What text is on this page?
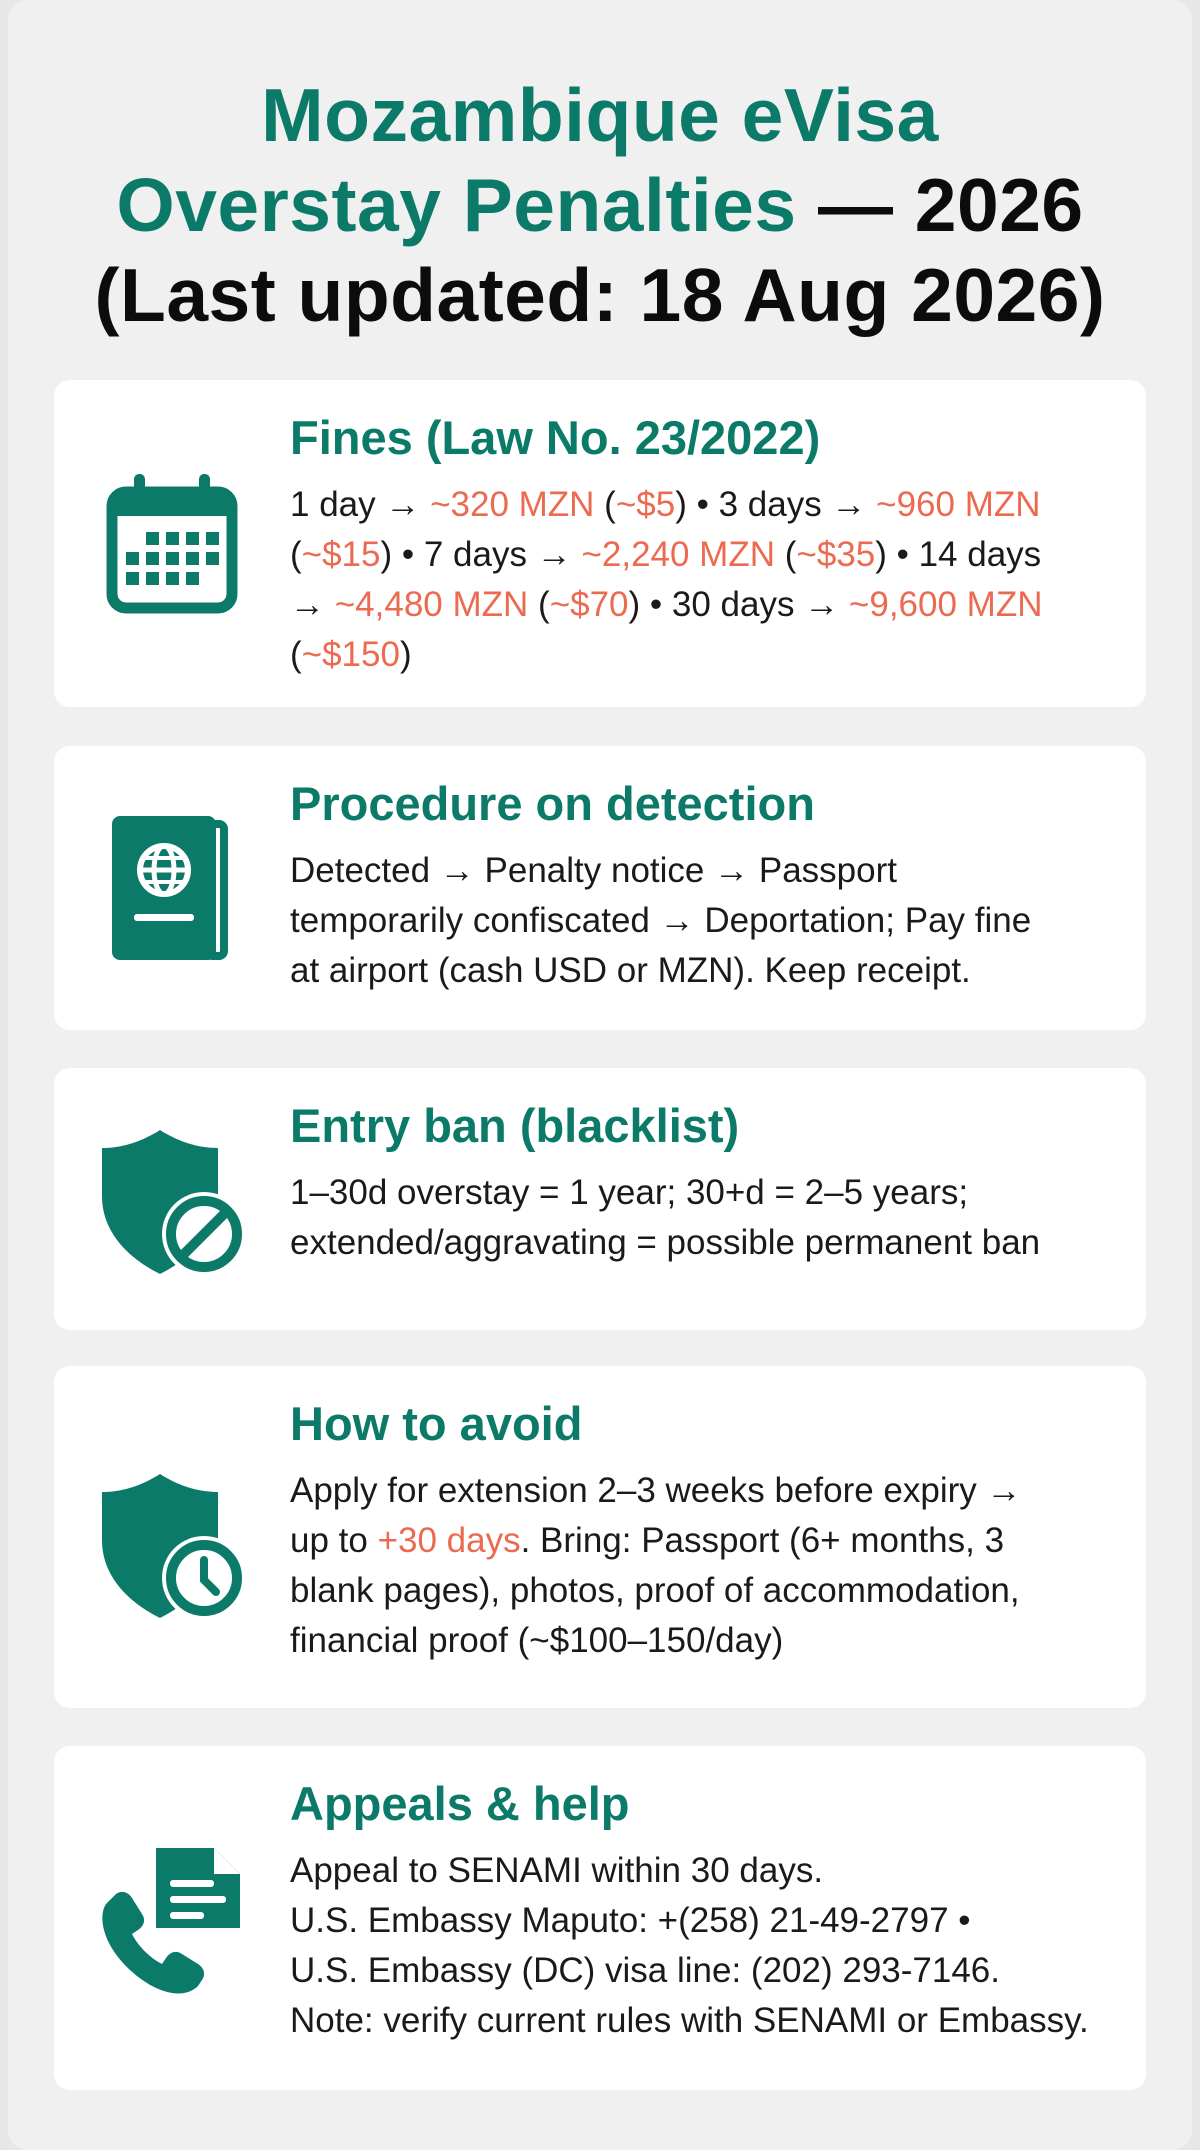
Mozambique eVisa
Overstay Penalties — 2026
(Last updated: 18 Aug 2026)
Fines (Law No. 23/2022)
1 day → ~320 MZN (~$5) • 3 days → ~960 MZN
(~$15) • 7 days → ~2,240 MZN (~$35) • 14 days
→ ~4,480 MZN (~$70) • 30 days → ~9,600 MZN
(~$150)
Procedure on detection
Detected → Penalty notice → Passport
temporarily confiscated → Deportation; Pay fine
at airport (cash USD or MZN). Keep receipt.
Entry ban (blacklist)
1–30d overstay = 1 year; 30+d = 2–5 years;
extended/aggravating = possible permanent ban
How to avoid
Apply for extension 2–3 weeks before expiry →
up to +30 days. Bring: Passport (6+ months, 3
blank pages), photos, proof of accommodation,
financial proof (~$100–150/day)
Appeals & help
Appeal to SENAMI within 30 days.
U.S. Embassy Maputo: +(258) 21-49-2797 •
U.S. Embassy (DC) visa line: (202) 293-7146.
Note: verify current rules with SENAMI or Embassy.
